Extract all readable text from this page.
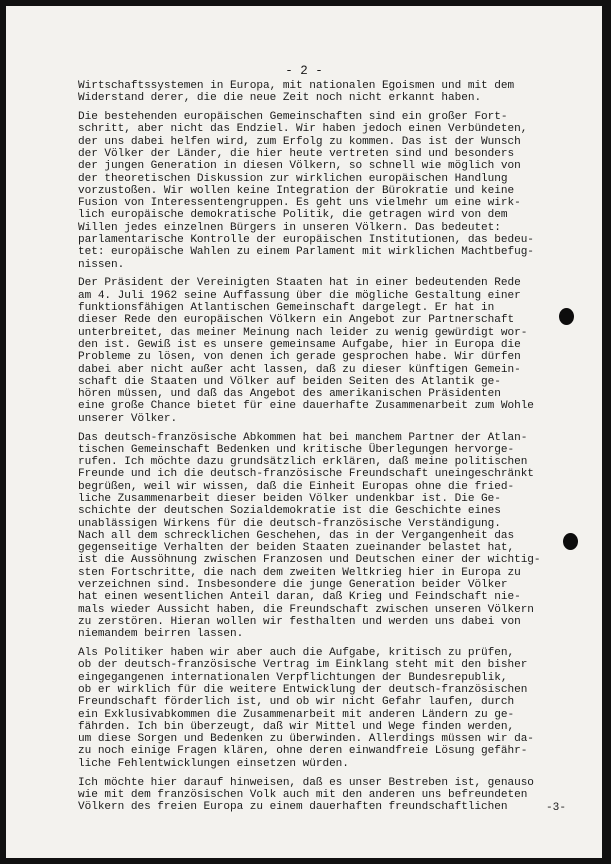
- 2 -
Wirtschaftssystemen in Europa, mit nationalen Egoismen und mit dem
Widerstand derer, die die neue Zeit noch nicht erkannt haben.
Die bestehenden europäischen Gemeinschaften sind ein großer Fort-
schritt, aber nicht das Endziel. Wir haben jedoch einen Verbündeten,
der uns dabei helfen wird, zum Erfolg zu kommen. Das ist der Wunsch
der Völker der Länder, die hier heute vertreten sind und besonders
der jungen Generation in diesen Völkern, so schnell wie möglich von
der theoretischen Diskussion zur wirklichen europäischen Handlung
vorzustoßen. Wir wollen keine Integration der Bürokratie und keine
Fusion von Interessentengruppen. Es geht uns vielmehr um eine wirk-
lich europäische demokratische Politik, die getragen wird von dem
Willen jedes einzelnen Bürgers in unseren Völkern. Das bedeutet:
parlamentarische Kontrolle der europäischen Institutionen, das bedeu-
tet: europäische Wahlen zu einem Parlament mit wirklichen Machtbefug-
nissen.
Der Präsident der Vereinigten Staaten hat in einer bedeutenden Rede
am 4. Juli 1962 seine Auffassung über die mögliche Gestaltung einer
funktionsfähigen Atlantischen Gemeinschaft dargelegt. Er hat in
dieser Rede den europäischen Völkern ein Angebot zur Partnerschaft
unterbreitet, das meiner Meinung nach leider zu wenig gewürdigt wor-
den ist. Gewiß ist es unsere gemeinsame Aufgabe, hier in Europa die
Probleme zu lösen, von denen ich gerade gesprochen habe. Wir dürfen
dabei aber nicht außer acht lassen, daß zu dieser künftigen Gemein-
schaft die Staaten und Völker auf beiden Seiten des Atlantik ge-
hören müssen, und daß das Angebot des amerikanischen Präsidenten
eine große Chance bietet für eine dauerhafte Zusammenarbeit zum Wohle
unserer Völker.
Das deutsch-französische Abkommen hat bei manchem Partner der Atlan-
tischen Gemeinschaft Bedenken und kritische Überlegungen hervorge-
rufen. Ich möchte dazu grundsätzlich erklären, daß meine politischen
Freunde und ich die deutsch-französische Freundschaft uneingeschränkt
begrüßen, weil wir wissen, daß die Einheit Europas ohne die fried-
liche Zusammenarbeit dieser beiden Völker undenkbar ist. Die Ge-
schichte der deutschen Sozialdemokratie ist die Geschichte eines
unablässigen Wirkens für die deutsch-französische Verständigung.
Nach all dem schrecklichen Geschehen, das in der Vergangenheit das
gegenseitige Verhalten der beiden Staaten zueinander belastet hat,
ist die Aussöhnung zwischen Franzosen und Deutschen einer der wichtig-
sten Fortschritte, die nach dem zweiten Weltkrieg hier in Europa zu
verzeichnen sind. Insbesondere die junge Generation beider Völker
hat einen wesentlichen Anteil daran, daß Krieg und Feindschaft nie-
mals wieder Aussicht haben, die Freundschaft zwischen unseren Völkern
zu zerstören. Hieran wollen wir festhalten und werden uns dabei von
niemandem beirren lassen.
Als Politiker haben wir aber auch die Aufgabe, kritisch zu prüfen,
ob der deutsch-französische Vertrag im Einklang steht mit den bisher
eingegangenen internationalen Verpflichtungen der Bundesrepublik,
ob er wirklich für die weitere Entwicklung der deutsch-französischen
Freundschaft förderlich ist, und ob wir nicht Gefahr laufen, durch
ein Exklusivabkommen die Zusammenarbeit mit anderen Ländern zu ge-
fährden. Ich bin überzeugt, daß wir Mittel und Wege finden werden,
um diese Sorgen und Bedenken zu überwinden. Allerdings müssen wir da-
zu noch einige Fragen klären, ohne deren einwandfreie Lösung gefähr-
liche Fehlentwicklungen einsetzen würden.
Ich möchte hier darauf hinweisen, daß es unser Bestreben ist, genauso
wie mit dem französischen Volk auch mit den anderen uns befreundeten
Völkern des freien Europa zu einem dauerhaften freundschaftlichen	-3-
